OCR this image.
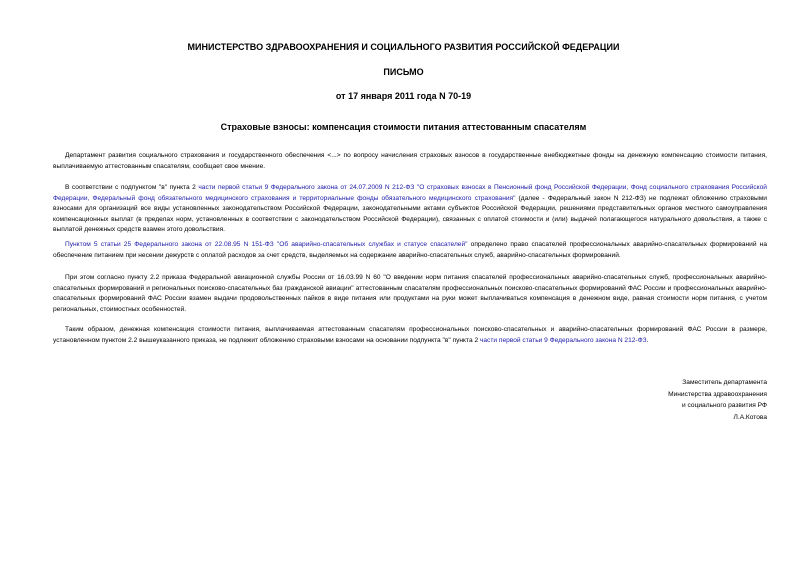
МИНИСТЕРСТВО ЗДРАВООХРАНЕНИЯ И СОЦИАЛЬНОГО РАЗВИТИЯ РОССИЙСКОЙ ФЕДЕРАЦИИ
ПИСЬМО
от 17 января 2011 года N 70-19
Страховые взносы: компенсация стоимости питания аттестованным спасателям

Департамент развития социального страхования и государственного обеспечения <...> по вопросу начисления страховых взносов в государственные внебюджетные фонды на денежную компенсацию стоимости питания, выплачиваемую аттестованным спасателям, сообщает свое мнение.

В соответствии с подпунктом "в" пункта 2 части первой статьи 9 Федерального закона от 24.07.2009 N 212-ФЗ "О страховых взносах в Пенсионный фонд Российской Федерации, Фонд социального страхования Российской Федерации, Федеральный фонд обязательного медицинского страхования и территориальные фонды обязательного медицинского страхования" (далее - Федеральный закон N 212-ФЗ) не подлежат обложению страховыми взносами для организаций все виды установленных законодательством Российской Федерации, законодательными актами субъектов Российской Федерации, решениями представительных органов местного самоуправления компенсационных выплат (в пределах норм, установленных в соответствии с законодательством Российской Федерации), связанных с оплатой стоимости и (или) выдачей полагающегося натурального довольствия, а также с выплатой денежных средств взамен этого довольствия.

Пунктом 5 статьи 25 Федерального закона от 22.08.95 N 151-ФЗ "Об аварийно-спасательных службах и статусе спасателей" определено право спасателей профессиональных аварийно-спасательных формирований на обеспечение питанием при несении дежурств с оплатой расходов за счет средств, выделяемых на содержание аварийно-спасательных служб, аварийно-спасательных формирований.

При этом согласно пункту 2.2 приказа Федеральной авиационной службы России от 16.03.99 N 60 "О введении норм питания спасателей профессиональных аварийно-спасательных служб, профессиональных аварийно-спасательных формирований и региональных поисково-спасательных баз гражданской авиации" аттестованным спасателям профессиональных поисково-спасательных формирований ФАС России и профессиональных аварийно-спасательных формирований ФАС России взамен выдачи продовольственных пайков в виде питания или продуктами на руки может выплачиваться компенсация в денежном виде, равная стоимости норм питания, с учетом региональных, стоимостных особенностей.

Таким образом, денежная компенсация стоимости питания, выплачиваемая аттестованным спасателям профессиональных поисково-спасательных и аварийно-спасательных формирований ФАС России в размере, установленном пунктом 2.2 вышеуказанного приказа, не подлежит обложению страховыми взносами на основании подпункта "в" пункта 2 части первой статьи 9 Федерального закона N 212-ФЗ.

Заместитель департамента
Министерства здравоохранения
и социального развития РФ
Л.А.Котова
